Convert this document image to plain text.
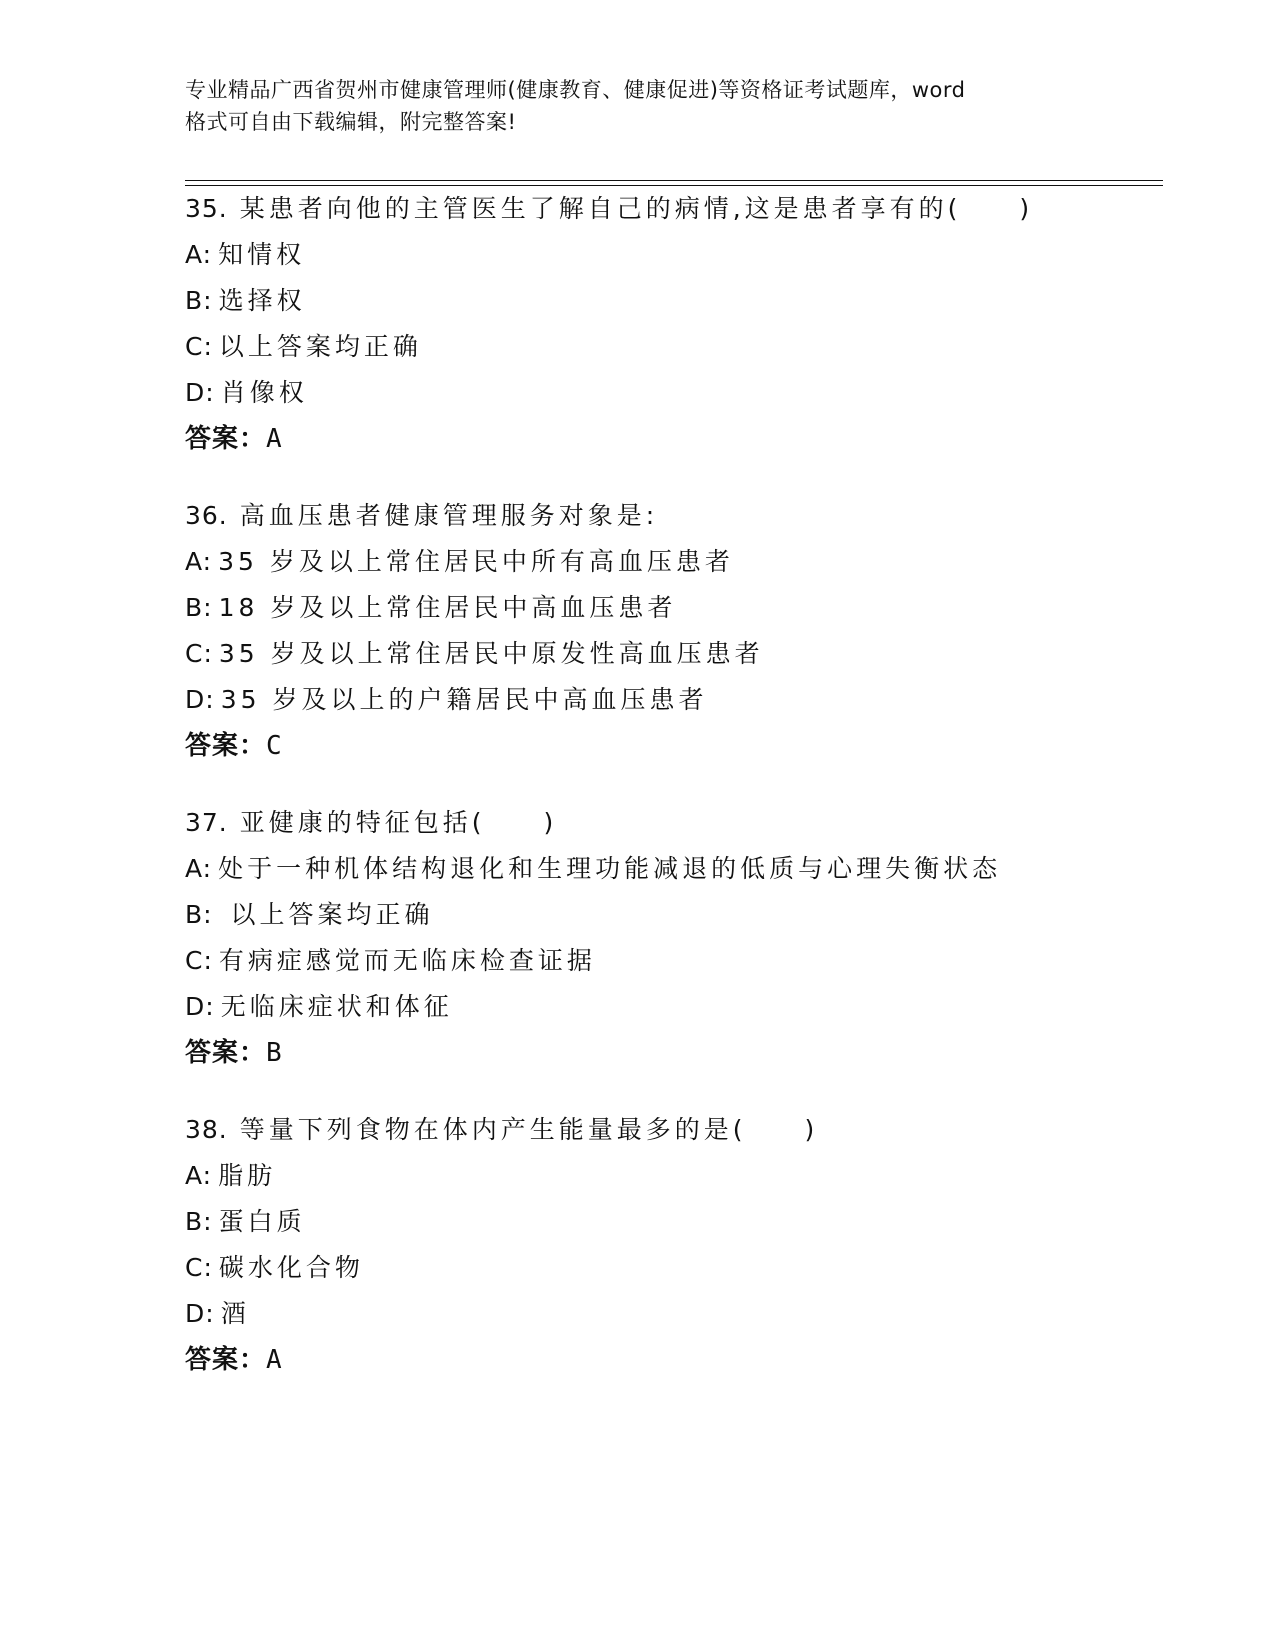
专业精品广西省贺州市健康管理师(健康教育、健康促进)等资格证考试题库，word
格式可自由下载编辑，附完整答案!
35. 某患者向他的主管医生了解自己的病情,这是患者享有的(　　)
A: 知情权
B: 选择权
C: 以上答案均正确
D: 肖像权
答案：A
36. 高血压患者健康管理服务对象是:
A: 35 岁及以上常住居民中所有高血压患者
B: 18 岁及以上常住居民中高血压患者
C: 35 岁及以上常住居民中原发性高血压患者
D: 35 岁及以上的户籍居民中高血压患者
答案：C
37. 亚健康的特征包括(　　)
A: 处于一种机体结构退化和生理功能减退的低质与心理失衡状态
B: 以上答案均正确
C: 有病症感觉而无临床检查证据
D: 无临床症状和体征
答案：B
38. 等量下列食物在体内产生能量最多的是(　　)
A: 脂肪
B: 蛋白质
C: 碳水化合物
D: 酒
答案：A
